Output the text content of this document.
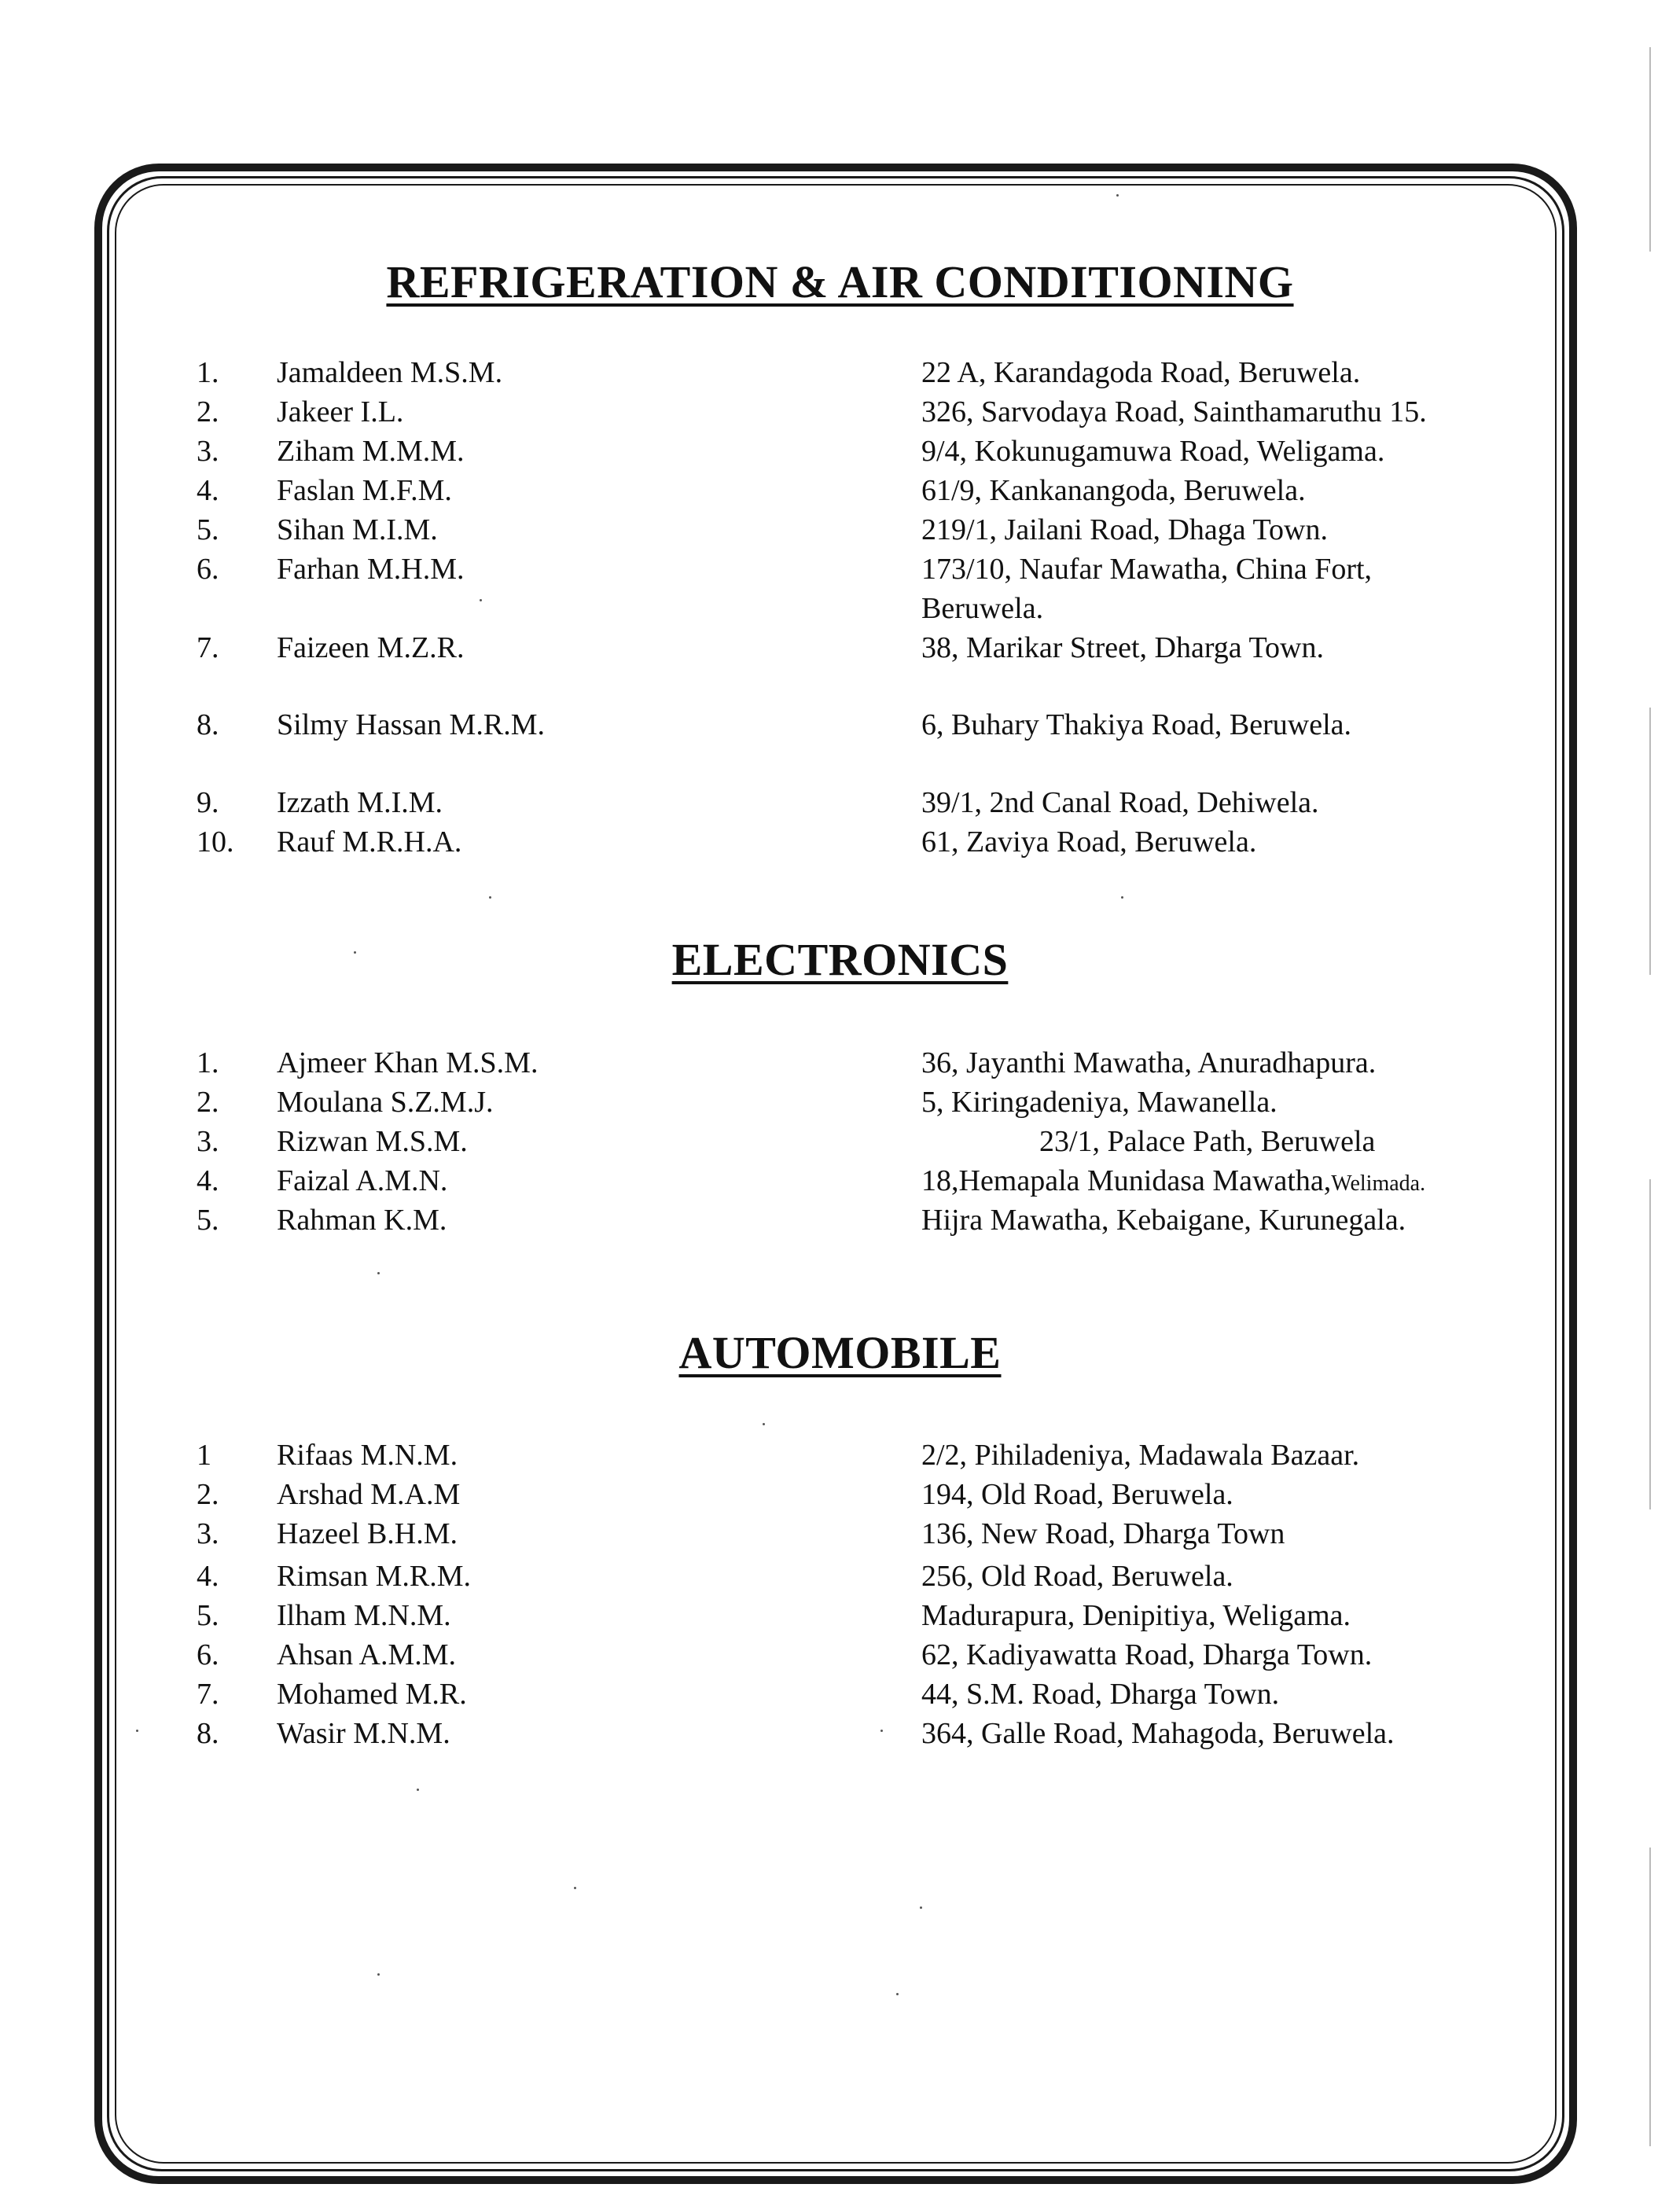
REFRIGERATION & AIR CONDITIONING
1. Jamaldeen M.S.M.	22 A, Karandagoda Road, Beruwela.
2. Jakeer I.L.	326, Sarvodaya Road, Sainthamaruthu 15.
3. Ziham M.M.M.	9/4, Kokunugamuwa Road, Weligama.
4. Faslan M.F.M.	61/9, Kankanangoda, Beruwela.
5. Sihan M.I.M.	219/1, Jailani Road, Dhaga Town.
6. Farhan M.H.M.	173/10, Naufar Mawatha, China Fort,
Beruwela.
7. Faizeen M.Z.R.	38, Marikar Street, Dharga Town.
8. Silmy Hassan M.R.M.	6, Buhary Thakiya Road, Beruwela.
9. Izzath M.I.M.	39/1, 2nd Canal Road, Dehiwela.
10. Rauf M.R.H.A.	61, Zaviya Road, Beruwela.
ELECTRONICS
1. Ajmeer Khan M.S.M.	36, Jayanthi Mawatha, Anuradhapura.
2. Moulana S.Z.M.J.	5, Kiringadeniya, Mawanella.
3. Rizwan M.S.M.	23/1, Palace Path, Beruwela
4. Faizal A.M.N.	18,Hemapala Munidasa Mawatha,Welimada.
5. Rahman K.M.	Hijra Mawatha, Kebaigane, Kurunegala.
AUTOMOBILE
1 Rifaas M.N.M.	2/2, Pihiladeniya, Madawala Bazaar.
2. Arshad M.A.M	194, Old Road, Beruwela.
3. Hazeel B.H.M.	136, New Road, Dharga Town
4. Rimsan M.R.M.	256, Old Road, Beruwela.
5. Ilham M.N.M.	Madurapura, Denipitiya, Weligama.
6. Ahsan A.M.M.	62, Kadiyawatta Road, Dharga Town.
7. Mohamed M.R.	44, S.M. Road, Dharga Town.
8. Wasir M.N.M.	364, Galle Road, Mahagoda, Beruwela.
